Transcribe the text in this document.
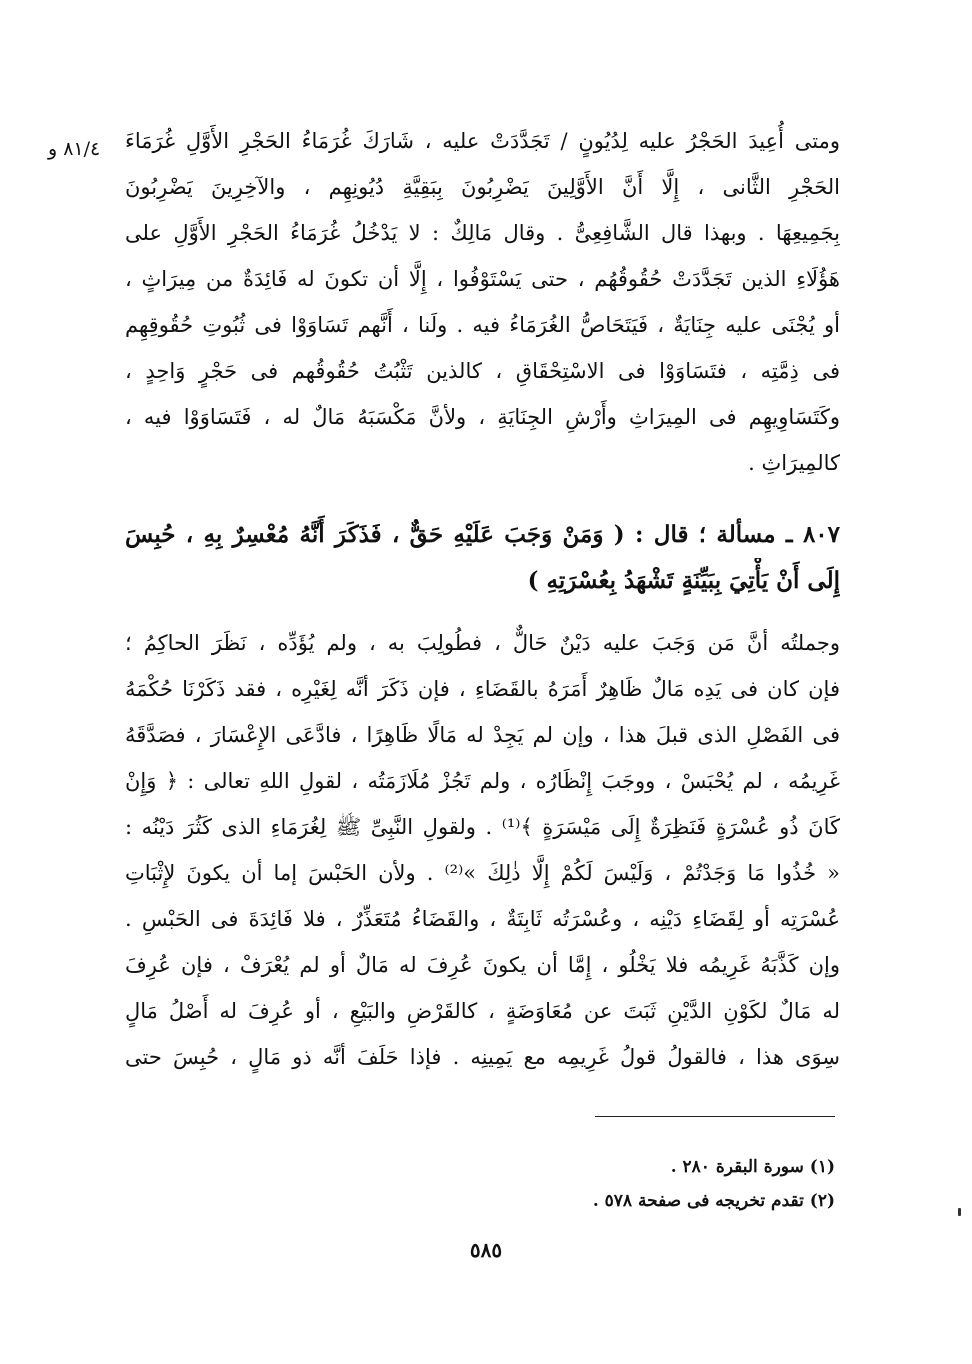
٨١/٤ و ومتى أُعِيدَ الحَجْرُ عليه لِدُيُونٍ / تَجَدَّدَتْ عليه ، شَارَكَ غُرَمَاءُ الحَجْرِ الأَوَّلِ غُرَمَاءَ
الحَجْرِ الثَّانى ، إِلَّا أَنَّ الأَوَّلِينَ يَضْرِبُونَ بِبَقِيَّةِ دُيُونِهِم ، والآخِرِينَ يَضْرِبُونَ
بِجَمِيعِهَا . وبهذا قال الشَّافِعِىُّ . وقال مَالِكٌ : لا يَدْخُلُ غُرَمَاءُ الحَجْرِ الأَوَّلِ على
هَؤُلَاءِ الذين تَجَدَّدَتْ حُقُوقُهُم ، حتى يَسْتَوْفُوا ، إِلَّا أن تكونَ له فَائِدَةٌ من مِيرَاثٍ ،
أو يُجْنَى عليه جِنَايَةٌ ، فَيَتَحَاصُّ الغُرَمَاءُ فيه . ولَنا ، أَنَّهم تَسَاوَوْا فى ثُبُوتِ حُقُوقِهِم
فى ذِمَّتِه ، فتَسَاوَوْا فى الاسْتِحْقَاقِ ، كالذين تَثْبُتُ حُقُوقُهم فى حَجْرٍ وَاحِدٍ ،
وكَتَسَاوِيهِم فى المِيرَاثِ وأَرْشِ الجِنَايَةِ ، ولأنَّ مَكْسَبَهُ مَالٌ له ، فَتَسَاوَوْا فيه ،
كالمِيرَاثِ .
٨٠٧ ـ مسألة ؛ قال : ( وَمَنْ وَجَبَ عَلَيْهِ حَقٌّ ، فَذَكَرَ أَنَّهُ مُعْسِرٌ بِهِ ، حُبِسَ
إِلَى أَنْ يَأْتِيَ بِبَيِّنَةٍ تَشْهَدُ بِعُسْرَتِهِ )
وجملتُه أنَّ مَن وَجَبَ عليه دَيْنٌ حَالٌّ ، فطُولِبَ به ، ولم يُؤَدِّه ، نَظَرَ الحاكِمُ ؛
فإن كان فى يَدِه مَالٌ ظَاهِرٌ أَمَرَهُ بالقَضَاءِ ، فإن ذَكَرَ أنَّه لِغَيْرِه ، فقد ذَكَرْنَا حُكْمَهُ
فى الفَصْلِ الذى قبلَ هذا ، وإن لم يَجِدْ له مَالًا ظَاهِرًا ، فادَّعَى الإِعْسَارَ ، فصَدَّقَهُ
غَرِيمُه ، لم يُحْبَسْ ، ووجَبَ إِنْظَارُه ، ولم تَجُزْ مُلَازَمَتُه ، لقولِ اللهِ تعالى : ﴿ وَإِنْ
كَانَ ذُو عُسْرَةٍ فَنَظِرَةٌ إِلَى مَيْسَرَةٍ ﴾⁽¹⁾ . ولقولِ النَّبِىِّ ﷺ لِغُرَمَاءِ الذى كَثُرَ دَيْنُه :
« خُذُوا مَا وَجَدْتُمْ ، وَلَيْسَ لَكُمْ إِلَّا ذٰلِكَ »⁽²⁾ . ولأن الحَبْسَ إما أن يكونَ لإِثْبَاتِ
عُسْرَتِه أو لِقَضَاءِ دَيْنِه ، وعُسْرَتُه ثَابِتَةٌ ، والقَضَاءُ مُتَعَذِّرٌ ، فلا فَائِدَةَ فى الحَبْسِ .
وإن كَذَّبَهُ غَرِيمُه فلا يَخْلُو ، إِمَّا أن يكونَ عُرِفَ له مَالٌ أو لم يُعْرَفْ ، فإن عُرِفَ
له مَالٌ لكَوْنِ الدَّيْنِ ثَبَتَ عن مُعَاوَضَةٍ ، كالقَرْضِ والبَيْعِ ، أو عُرِفَ له أَصْلُ مَالٍ
سِوَى هذا ، فالقولُ قولُ غَرِيمِه مع يَمِينِه . فإذا حَلَفَ أنَّه ذو مَالٍ ، حُبِسَ حتى
(١) سورة البقرة ٢٨٠ .
(٢) تقدم تخريجه فى صفحة ٥٧٨ .
٥٨٥
